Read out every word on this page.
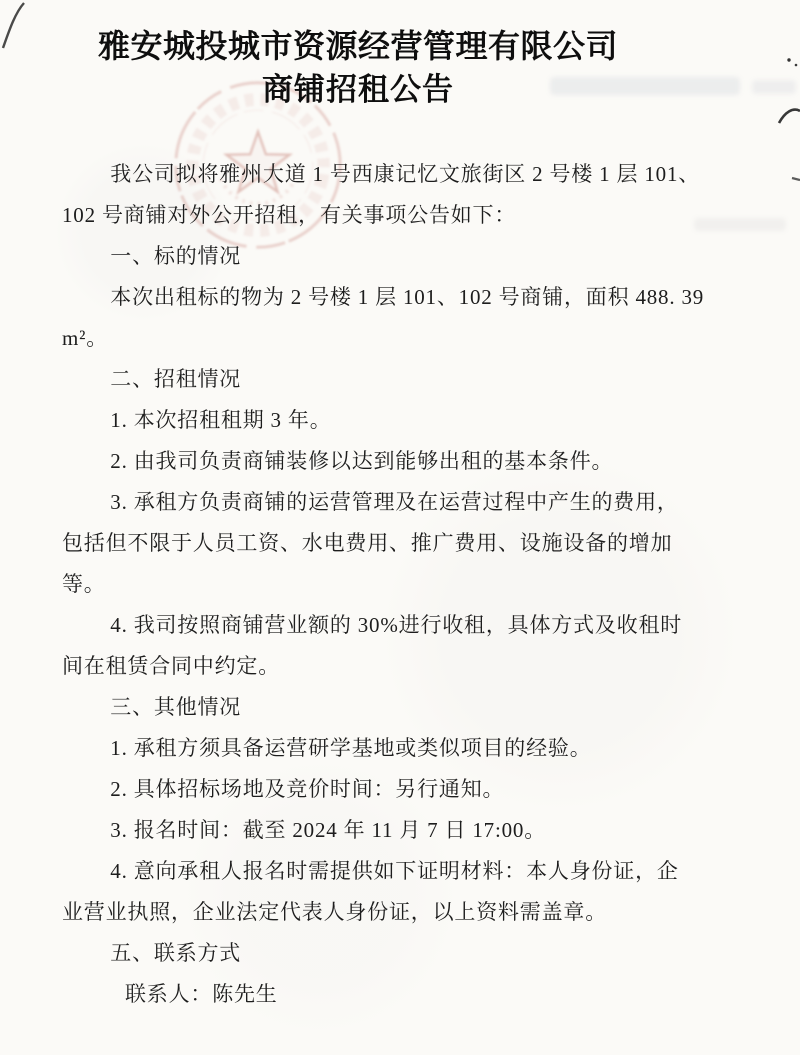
雅安城投城市资源经营管理有限公司
商铺招租公告
我公司拟将雅州大道 1 号西康记忆文旅街区 2 号楼 1 层 101、
102 号商铺对外公开招租，有关事项公告如下：
一、标的情况
本次出租标的物为 2 号楼 1 层 101、102 号商铺，面积 488. 39
m²。
二、招租情况
1. 本次招租租期 3 年。
2. 由我司负责商铺装修以达到能够出租的基本条件。
3. 承租方负责商铺的运营管理及在运营过程中产生的费用，
包括但不限于人员工资、水电费用、推广费用、设施设备的增加
等。
4. 我司按照商铺营业额的 30%进行收租，具体方式及收租时
间在租赁合同中约定。
三、其他情况
1. 承租方须具备运营研学基地或类似项目的经验。
2. 具体招标场地及竞价时间：另行通知。
3. 报名时间：截至 2024 年 11 月 7 日 17:00。
4. 意向承租人报名时需提供如下证明材料：本人身份证，企
业营业执照，企业法定代表人身份证，以上资料需盖章。
五、联系方式
联系人：陈先生
